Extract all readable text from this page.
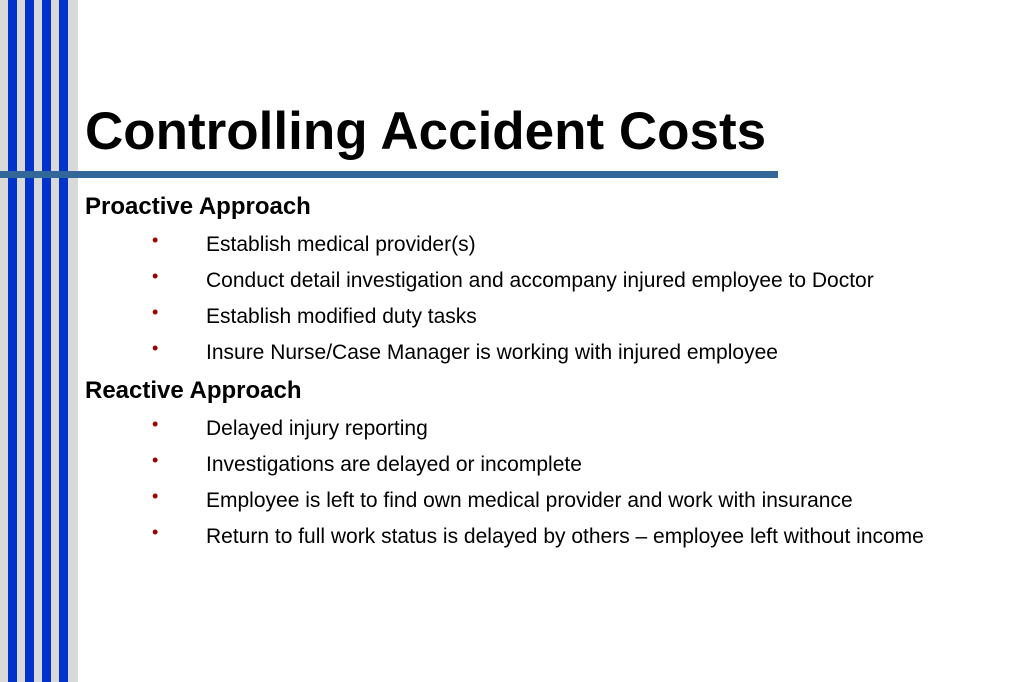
Controlling Accident Costs
Proactive Approach
• Establish medical provider(s)
• Conduct detail investigation and accompany injured employee to Doctor
• Establish modified duty tasks
• Insure Nurse/Case Manager is working with injured employee
Reactive Approach
• Delayed injury reporting
• Investigations are delayed or incomplete
• Employee is left to find own medical provider and work with insurance
• Return to full work status is delayed by others – employee left without income
